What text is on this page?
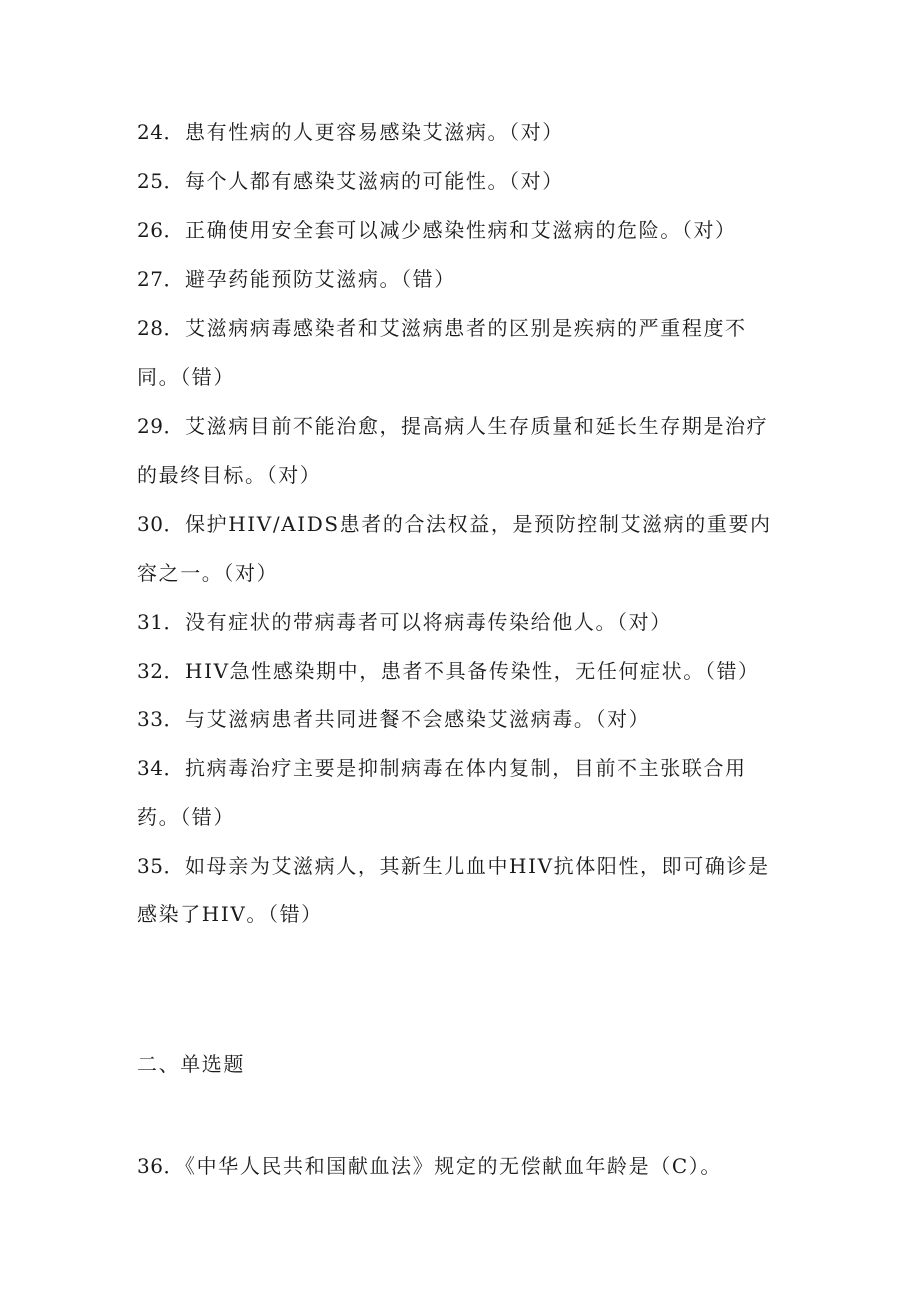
24．患有性病的人更容易感染艾滋病。（对）
25．每个人都有感染艾滋病的可能性。（对）
26．正确使用安全套可以减少感染性病和艾滋病的危险。（对）
27．避孕药能预防艾滋病。（错）
28．艾滋病病毒感染者和艾滋病患者的区别是疾病的严重程度不
同。（错）
29．艾滋病目前不能治愈，提高病人生存质量和延长生存期是治疗
的最终目标。（对）
30．保护HIV/AIDS患者的合法权益，是预防控制艾滋病的重要内
容之一。（对）
31．没有症状的带病毒者可以将病毒传染给他人。（对）
32．HIV急性感染期中，患者不具备传染性，无任何症状。（错）
33．与艾滋病患者共同进餐不会感染艾滋病毒。（对）
34．抗病毒治疗主要是抑制病毒在体内复制，目前不主张联合用
药。（错）
35．如母亲为艾滋病人，其新生儿血中HIV抗体阳性，即可确诊是
感染了HIV。（错）
二、单选题
36．《中华人民共和国献血法》规定的无偿献血年龄是（C）。
